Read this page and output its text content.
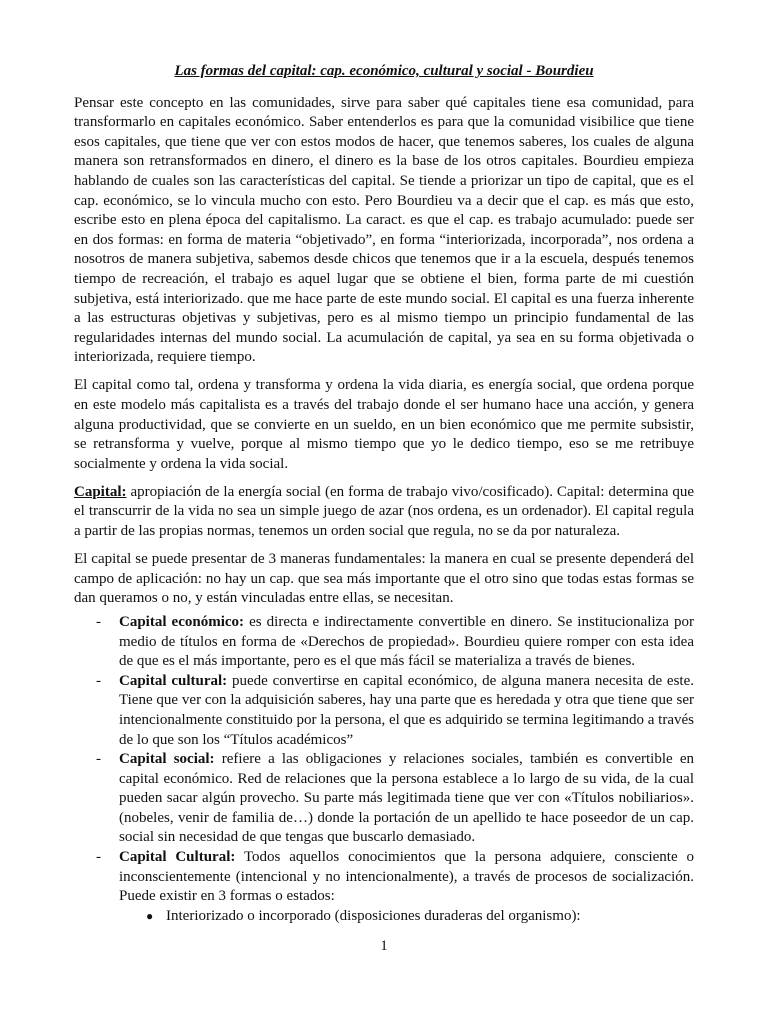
Las formas del capital: cap. económico, cultural y social - Bourdieu

Pensar este concepto en las comunidades, sirve para saber qué capitales tiene esa comunidad, para transformarlo en capitales económico. Saber entenderlos es para que la comunidad visibilice que tiene esos capitales, que tiene que ver con estos modos de hacer, que tenemos saberes, los cuales de alguna manera son retransformados en dinero, el dinero es la base de los otros capitales. Bourdieu empieza hablando de cuales son las características del capital. Se tiende a priorizar un tipo de capital, que es el cap. económico, se lo vincula mucho con esto. Pero Bourdieu va a decir que el cap. es más que esto, escribe esto en plena época del capitalismo. La caract. es que el cap. es trabajo acumulado: puede ser en dos formas: en forma de materia “objetivado”, en forma “interiorizada, incorporada”, nos ordena a nosotros de manera subjetiva, sabemos desde chicos que tenemos que ir a la escuela, después tenemos tiempo de recreación, el trabajo es aquel lugar que se obtiene el bien, forma parte de mi cuestión subjetiva, está interiorizado. que me hace parte de este mundo social. El capital es una fuerza inherente a las estructuras objetivas y subjetivas, pero es al mismo tiempo un principio fundamental de las regularidades internas del mundo social. La acumulación de capital, ya sea en su forma objetivada o interiorizada, requiere tiempo.

El capital como tal, ordena y transforma y ordena la vida diaria, es energía social, que ordena porque en este modelo más capitalista es a través del trabajo donde el ser humano hace una acción, y genera alguna productividad, que se convierte en un sueldo, en un bien económico que me permite subsistir, se retransforma y vuelve, porque al mismo tiempo que yo le dedico tiempo, eso se me retribuye socialmente y ordena la vida social.

Capital: apropiación de la energía social (en forma de trabajo vivo/cosificado). Capital: determina que el transcurrir de la vida no sea un simple juego de azar (nos ordena, es un ordenador). El capital regula a partir de las propias normas, tenemos un orden social que regula, no se da por naturaleza.

El capital se puede presentar de 3 maneras fundamentales: la manera en cual se presente dependerá del campo de aplicación: no hay un cap. que sea más importante que el otro sino que todas estas formas se dan queramos o no, y están vinculadas entre ellas, se necesitan.

- Capital económico: es directa e indirectamente convertible en dinero. Se institucionaliza por medio de títulos en forma de «Derechos de propiedad». Bourdieu quiere romper con esta idea de que es el más importante, pero es el que más fácil se materializa a través de bienes.
- Capital cultural: puede convertirse en capital económico, de alguna manera necesita de este. Tiene que ver con la adquisición saberes, hay una parte que es heredada y otra que tiene que ser intencionalmente constituido por la persona, el que es adquirido se termina legitimando a través de lo que son los “Títulos académicos”
- Capital social: refiere a las obligaciones y relaciones sociales, también es convertible en capital económico. Red de relaciones que la persona establece a lo largo de su vida, de la cual pueden sacar algún provecho. Su parte más legitimada tiene que ver con «Títulos nobiliarios». (nobeles, venir de familia de…) donde la portación de un apellido te hace poseedor de un cap. social sin necesidad de que tengas que buscarlo demasiado.
- Capital Cultural: Todos aquellos conocimientos que la persona adquiere, consciente o inconscientemente (intencional y no intencionalmente), a través de procesos de socialización. Puede existir en 3 formas o estados:
● Interiorizado o incorporado (disposiciones duraderas del organismo):
1
